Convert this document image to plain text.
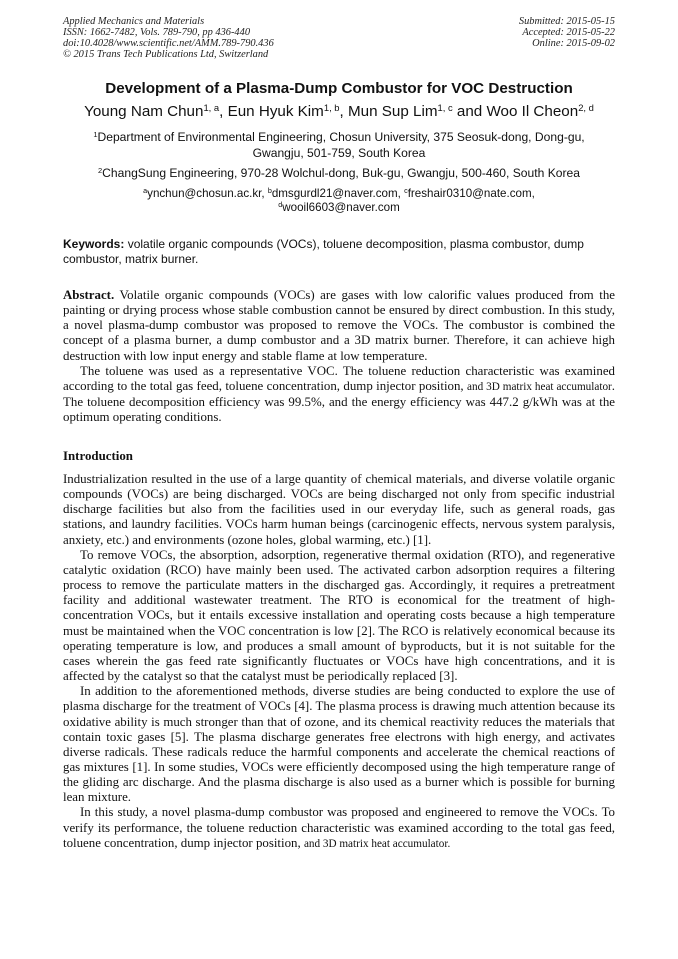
Applied Mechanics and Materials
ISSN: 1662-7482, Vols. 789-790, pp 436-440
doi:10.4028/www.scientific.net/AMM.789-790.436
© 2015 Trans Tech Publications Ltd, Switzerland
Submitted: 2015-05-15
Accepted: 2015-05-22
Online: 2015-09-02
Development of a Plasma-Dump Combustor for VOC Destruction
Young Nam Chun$^{1, a}$, Eun Hyuk Kim$^{1, b}$, Mun Sup Lim$^{1, c}$ and Woo Il Cheon$^{2, d}$
$^1$Department of Environmental Engineering, Chosun University, 375 Seosuk-dong, Dong-gu, Gwangju, 501-759, South Korea
$^2$ChangSung Engineering, 970-28 Wolchul-dong, Buk-gu, Gwangju, 500-460, South Korea
$^a$ynchun@chosun.ac.kr, $^b$dmsgurdl21@naver.com, $^c$freshair0310@nate.com,
$^d$wooil6603@naver.com
Keywords: volatile organic compounds (VOCs), toluene decomposition, plasma combustor, dump combustor, matrix burner.

Abstract. Volatile organic compounds (VOCs) are gases with low calorific values produced from the painting or drying process whose stable combustion cannot be ensured by direct combustion. In this study, a novel plasma-dump combustor was proposed to remove the VOCs. The combustor is combined the concept of a plasma burner, a dump combustor and a 3D matrix burner. Therefore, it can achieve high destruction with low input energy and stable flame at low temperature.

The toluene was used as a representative VOC. The toluene reduction characteristic was examined according to the total gas feed, toluene concentration, dump injector position, and 3D matrix heat accumulator. The toluene decomposition efficiency was 99.5%, and the energy efficiency was 447.2 g/kWh was at the optimum operating conditions.

Introduction

Industrialization resulted in the use of a large quantity of chemical materials, and diverse volatile organic compounds (VOCs) are being discharged. VOCs are being discharged not only from specific industrial discharge facilities but also from the facilities used in our everyday life, such as general roads, gas stations, and laundry facilities. VOCs harm human beings (carcinogenic effects, nervous system paralysis, anxiety, etc.) and environments (ozone holes, global warming, etc.) [1].

To remove VOCs, the absorption, adsorption, regenerative thermal oxidation (RTO), and regenerative catalytic oxidation (RCO) have mainly been used. The activated carbon adsorption requires a filtering process to remove the particulate matters in the discharged gas. Accordingly, it requires a pretreatment facility and additional wastewater treatment. The RTO is economical for the treatment of high-concentration VOCs, but it entails excessive installation and operating costs because a high temperature must be maintained when the VOC concentration is low [2]. The RCO is relatively economical because its operating temperature is low, and produces a small amount of byproducts, but it is not suitable for the cases wherein the gas feed rate significantly fluctuates or VOCs have high concentrations, and it is affected by the catalyst so that the catalyst must be periodically replaced [3].

In addition to the aforementioned methods, diverse studies are being conducted to explore the use of plasma discharge for the treatment of VOCs [4]. The plasma process is drawing much attention because its oxidative ability is much stronger than that of ozone, and its chemical reactivity reduces the materials that contain toxic gases [5]. The plasma discharge generates free electrons with high energy, and activates diverse radicals. These radicals reduce the harmful components and accelerate the chemical reactions of gas mixtures [1]. In some studies, VOCs were efficiently decomposed using the high temperature range of the gliding arc discharge. And the plasma discharge is also used as a burner which is possible for burning lean mixture.

In this study, a novel plasma-dump combustor was proposed and engineered to remove the VOCs. To verify its performance, the toluene reduction characteristic was examined according to the total gas feed, toluene concentration, dump injector position, and 3D matrix heat accumulator.
